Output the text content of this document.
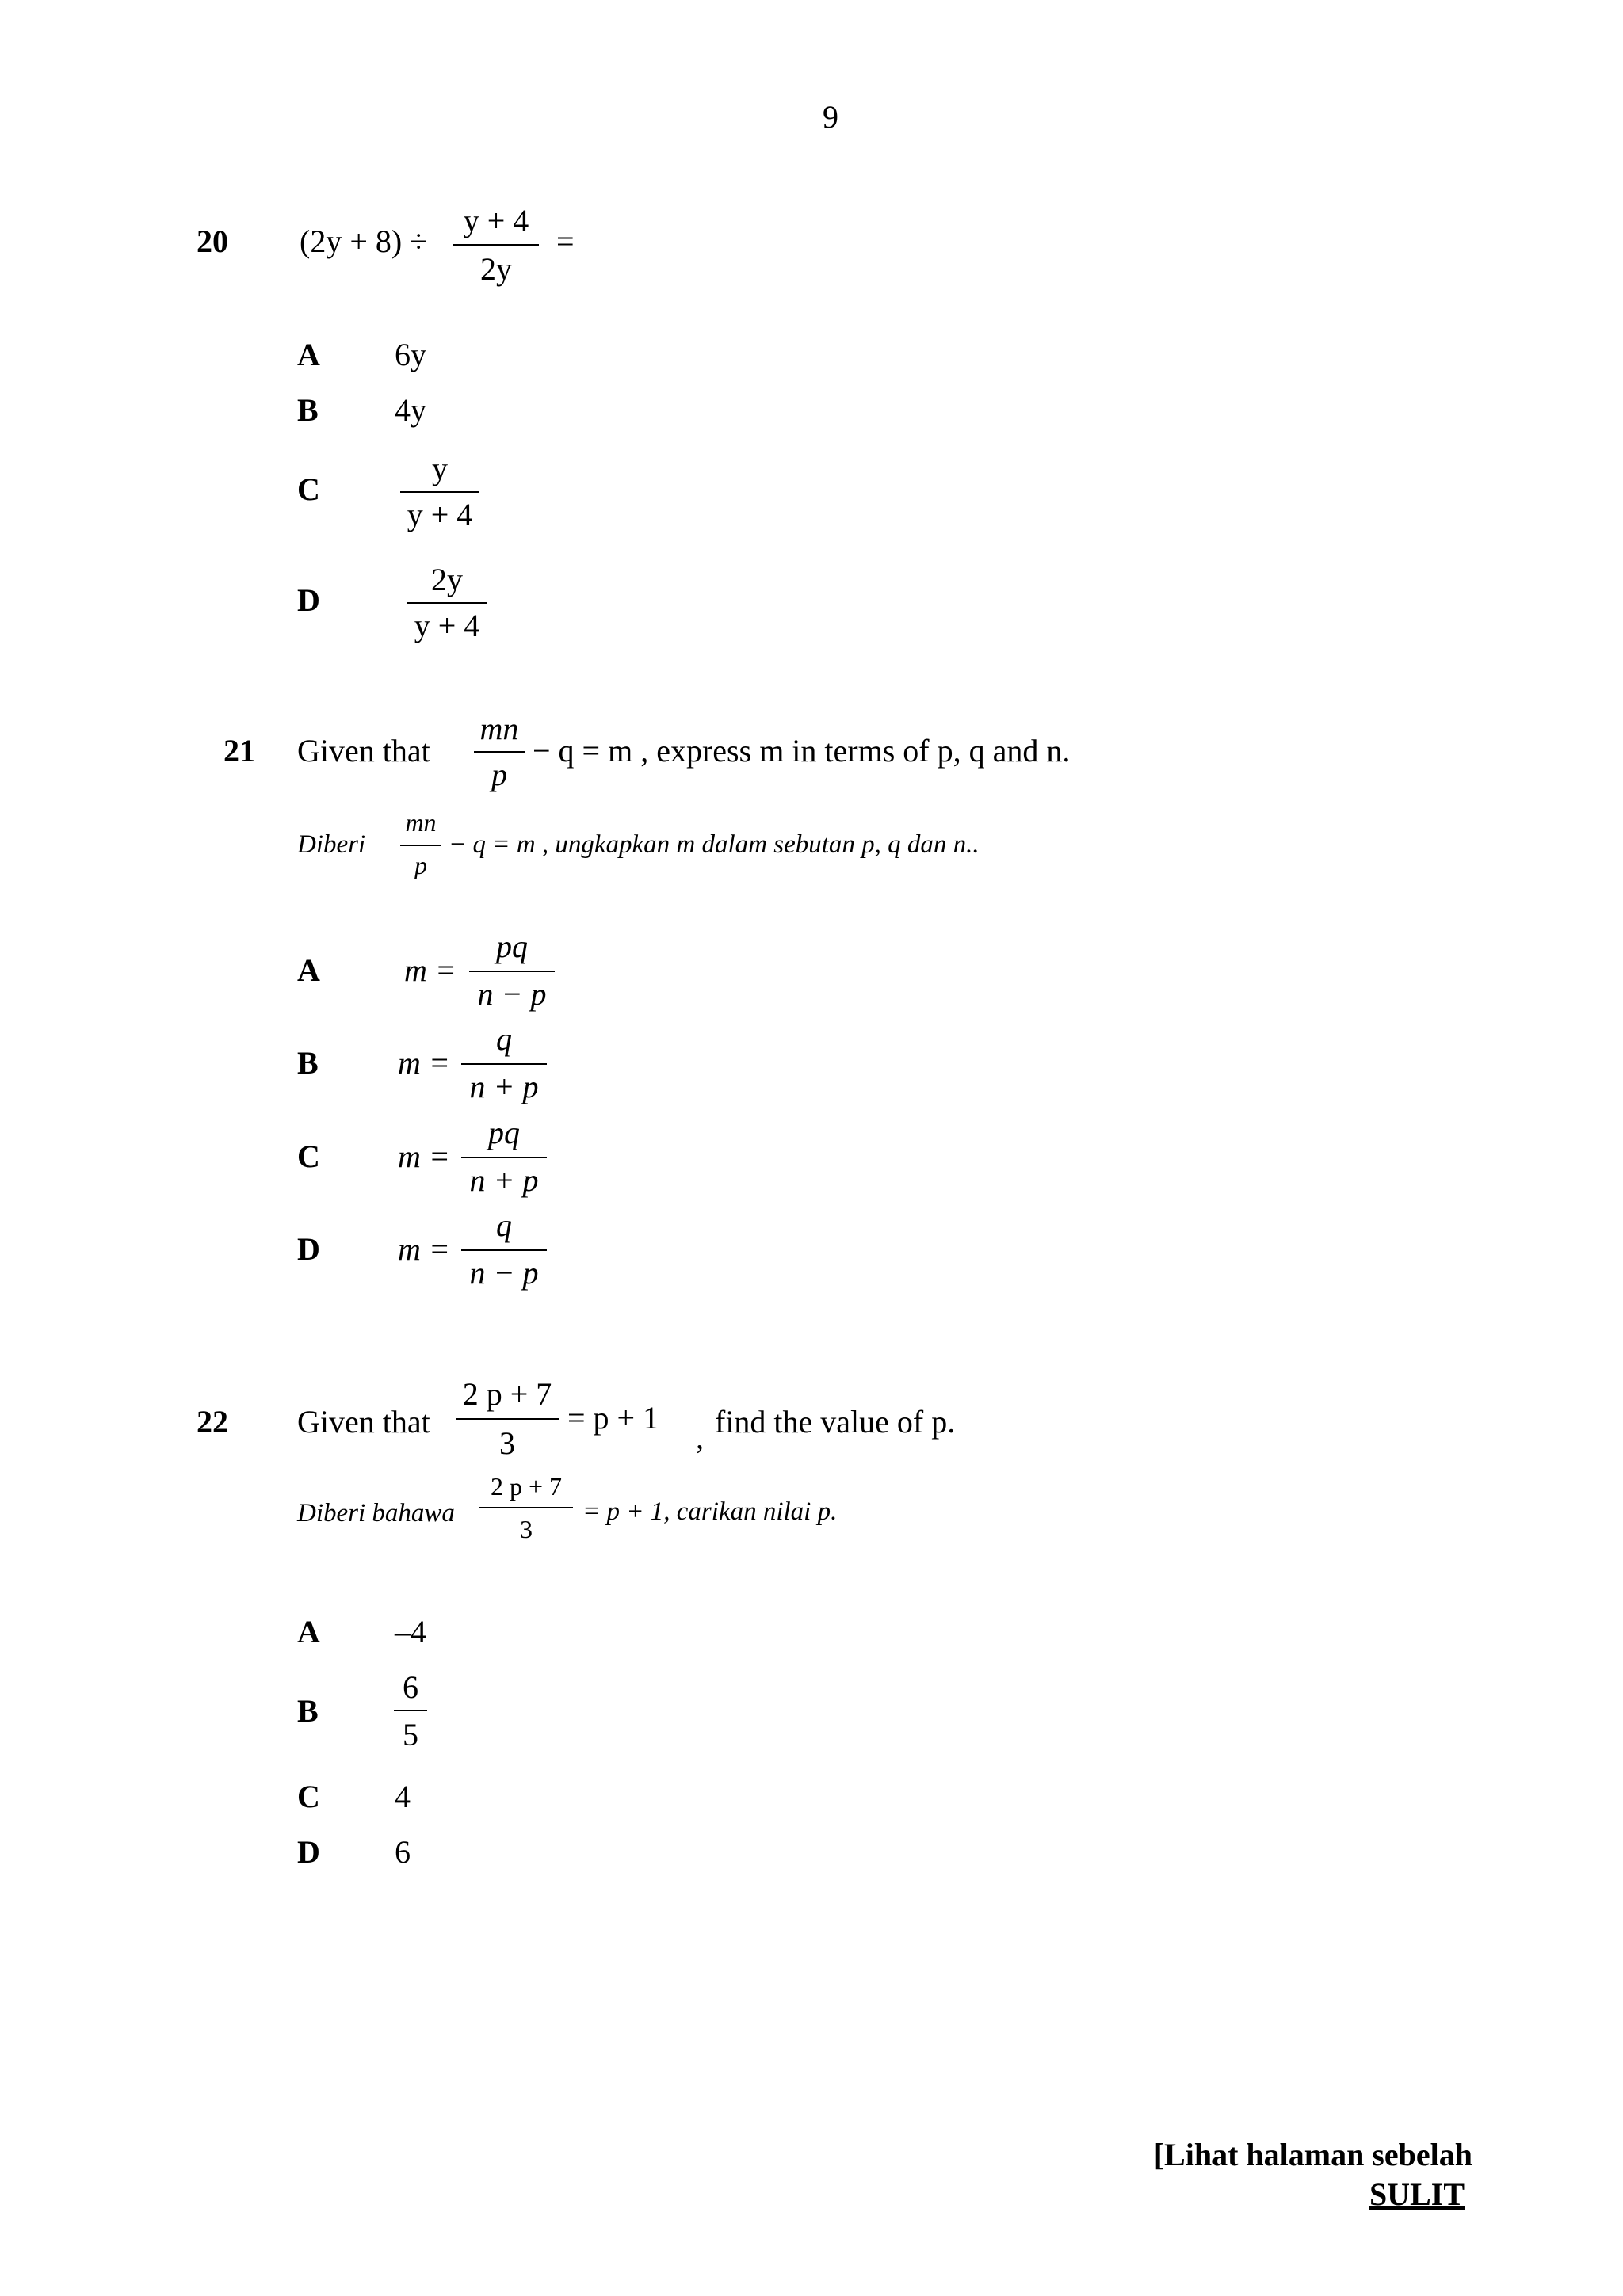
9
20 (2y + 8) ÷
y + 4
2y
=
A 6y
B 4y
C
y
y + 4
D
2y
y + 4
21 Given that
mn
p
− q = m , express m in terms of p, q and n.
Diberi
mn
p
− q = m , ungkapkan m dalam sebutan p, q dan n..
A	m =
pq
n − p
B	m =
q
n + p
C m =
pq
n + p
D m =
q
n − p
22 Given that
2 p + 7
3
= p + 1
, find the value of p.
Diberi bahawa
2 p + 7
3
= p + 1, carikan nilai p.
A –4
B
6
5
C 4
D 6
[Lihat halaman sebelah
SULIT
